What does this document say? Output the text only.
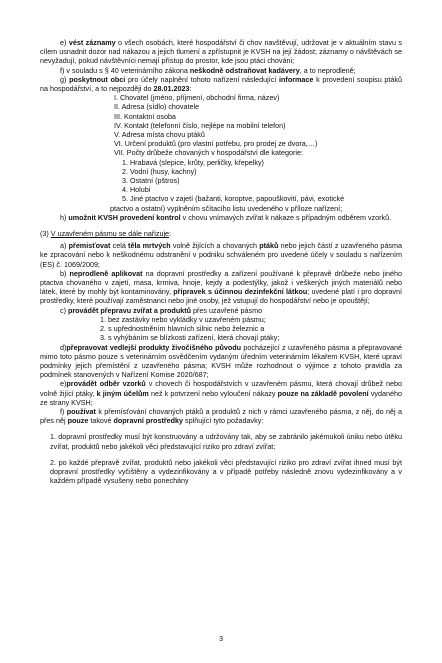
e) vést záznamy o všech osobách, které hospodářství či chov navštěvují, udržovat je v aktuálním stavu s cílem usnadnit dozor nad nákazou a jejich tlumení a zpřístupnit je KVSH na její žádost; záznamy o návštěvách se nevyžadují, pokud návštěvníci nemají přístup do prostor, kde jsou ptáci chováni;

f) v souladu s § 40 veterinárního zákona neškodně odstraňovat kadávery, a to neprodleně;

g) poskytnout obci pro účely naplnění tohoto nařízení následující informace k provedení soupisu ptáků na hospodářství, a to nejpozději do 28.01.2023:

I. Chovatel (jméno, příjmení, obchodní firma, název)

II. Adresa (sídlo) chovatele

III. Kontaktní osoba

IV. Kontakt (telefonní číslo, nejlépe na mobilní telefon)

V. Adresa místa chovu ptáků

VI. Určení produktů (pro vlastní potřebu, pro prodej ze dvora,…)

VII. Počty drůbeže chovaných v hospodářství dle kategorie:

1. Hrabavá (slepice, krůty, perličky, křepelky)

2. Vodní (husy, kachny)

3. Ostatní (pštros)

4. Holubi

5. Jiné ptactvo v zajetí (bažanti, koroptve, papouškovití, pávi, exotické

ptactvo a ostatní) vyplněním sčítacího listu uvedeného v příloze nařízení;

h) umožnit KVSH provedení kontrol v chovu vnímavých zvířat k nákaze s případným odběrem vzorků.

(3) V uzavřeném pásmu se dále nařizuje:

a) přemisťovat celá těla mrtvých volně žijících a chovaných ptáků nebo jejich částí z uzavřeného pásma ke zpracování nebo k neškodnému odstranění v podniku schváleném pro uvedené účely v souladu s nařízením (ES) č. 1069/2009;

b) neprodleně aplikovat na dopravní prostředky a zařízení používané k přepravě drůbeže nebo jiného ptactva chovaného v zajetí, masa, krmiva, hnoje, kejdy a podestýlky, jakož i veškerých jiných materiálů nebo látek, které by mohly být kontaminovány, přípravek s účinnou dezinfekční látkou; uvedené platí i pro dopravní prostředky, které používají zaměstnanci nebo jiné osoby, jež vstupují do hospodářství nebo je opouštějí;

c) provádět přepravu zvířat a produktů přes uzavřené pásmo

1. bez zastávky nebo vykládky v uzavřeném pásmu;

2. s upřednostněním hlavních silnic nebo železnic a

3. s vyhýbáním se blízkosti zařízení, která chovají ptáky;

d)přepravovat vedlejší produkty živočišného původu pocházející z uzavřeného pásma a přepravované mimo toto pásmo pouze s veterinárním osvědčením vydaným úředním veterinárním lékařem KVSH, které upraví podmínky jejich přemístění z uzavřeného pásma; KVSH může rozhodnout o výjimce z tohoto pravidla za podmínek stanovených v Nařízení Komise 2020/687;

e)provádět odběr vzorků v chovech či hospodářstvích v uzavřeném pásmu, která chovají drůbež nebo volně žijící ptáky, k jiným účelům než k potvrzení nebo vyloučení nákazy pouze na základě povolení vydaného ze strany KVSH;

f) používat k přemísťování chovaných ptáků a produktů z nich v rámci uzavřeného pásma, z něj, do něj a přes něj pouze takové dopravní prostředky splňující tyto požadavky:

1. dopravní prostředky musí být konstruovány a udržovány tak, aby se zabránilo jakémukoli úniku nebo útěku zvířat, produktů nebo jakékoli věci představující riziko pro zdraví zvířat;

2. po každé přepravě zvířat, produktů nebo jakékoli věci představující riziko pro zdraví zvířat ihned musí být dopravní prostředky vyčištěny a vydezinfikovány a v případě potřeby následně znovu vydezinfikovány a v každém případě vysušeny nebo ponechány

3
